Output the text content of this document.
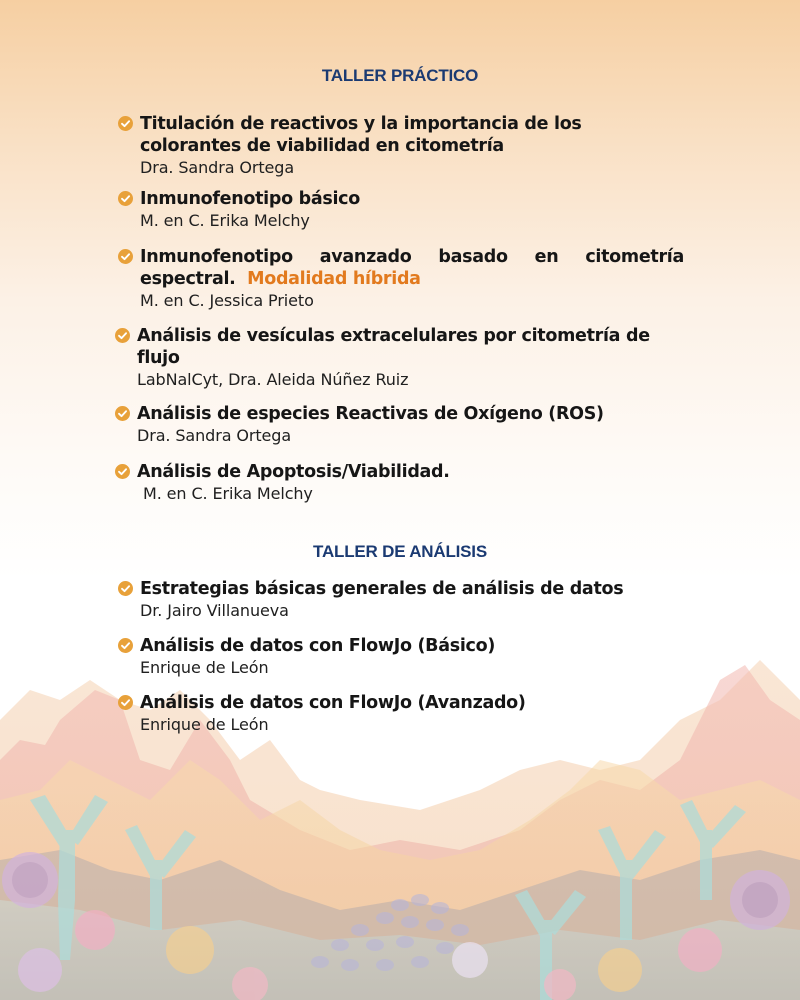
TALLER PRÁCTICO
Titulación de reactivos y la importancia de los colorantes de viabilidad en citometría
Dra. Sandra Ortega
Inmunofenotipo básico
M. en C. Erika Melchy
Inmunofenotipo avanzado basado en citometría espectral. Modalidad híbrida
M. en C. Jessica Prieto
Análisis de vesículas extracelulares por citometría de flujo
LabNalCyt, Dra. Aleida Núñez Ruiz
Análisis de especies Reactivas de Oxígeno (ROS)
Dra. Sandra Ortega
Análisis de Apoptosis/Viabilidad.
M. en C. Erika Melchy
TALLER DE ANÁLISIS
Estrategias básicas generales de análisis de datos
Dr. Jairo Villanueva
Análisis de datos con FlowJo (Básico)
Enrique de León
Análisis de datos con FlowJo (Avanzado)
Enrique de León
